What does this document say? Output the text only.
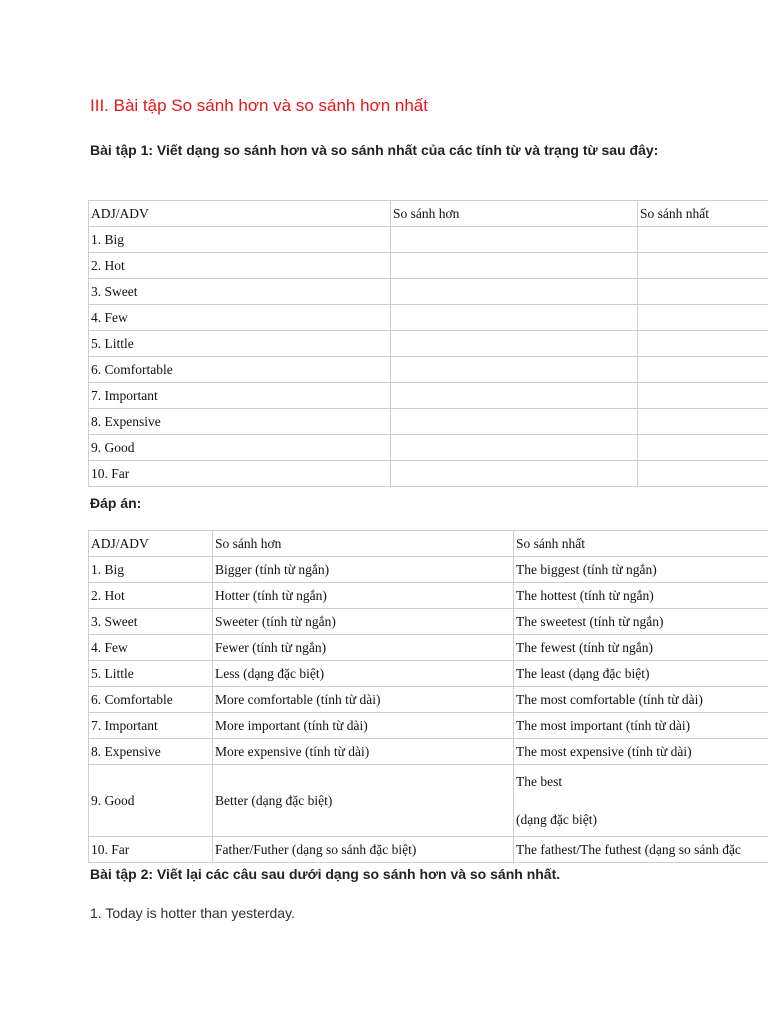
III. Bài tập So sánh hơn và so sánh hơn nhất

Bài tập 1: Viết dạng so sánh hơn và so sánh nhất của các tính từ và trạng từ sau đây:

ADJ/ADV	So sánh hơn	So sánh nhất
1. Big		
2. Hot		
3. Sweet		
4. Few		
5. Little		
6. Comfortable		
7. Important		
8. Expensive		
9. Good		
10. Far		

Đáp án:

ADJ/ADV	So sánh hơn	So sánh nhất
1. Big	Bigger (tính từ ngắn)	The biggest (tính từ ngắn)
2. Hot	Hotter (tính từ ngắn)	The hottest (tính từ ngắn)
3. Sweet	Sweeter (tính từ ngắn)	The sweetest (tính từ ngắn)
4. Few	Fewer (tính từ ngắn)	The fewest (tính từ ngắn)
5. Little	Less (dạng đặc biệt)	The least (dạng đặc biệt)
6. Comfortable	More comfortable (tính từ dài)	The most comfortable (tính từ dài)
7. Important	More important (tính từ dài)	The most important (tính từ dài)
8. Expensive	More expensive (tính từ dài)	The most expensive (tính từ dài)
9. Good	Better (dạng đặc biệt)	The best
(dạng đặc biệt)

10. Far	Father/Futher (dạng so sánh đặc biệt)	The fathest/The futhest (dạng so sánh đặc

Bài tập 2: Viết lại các câu sau dưới dạng so sánh hơn và so sánh nhất.

1. Today is hotter than yesterday.
